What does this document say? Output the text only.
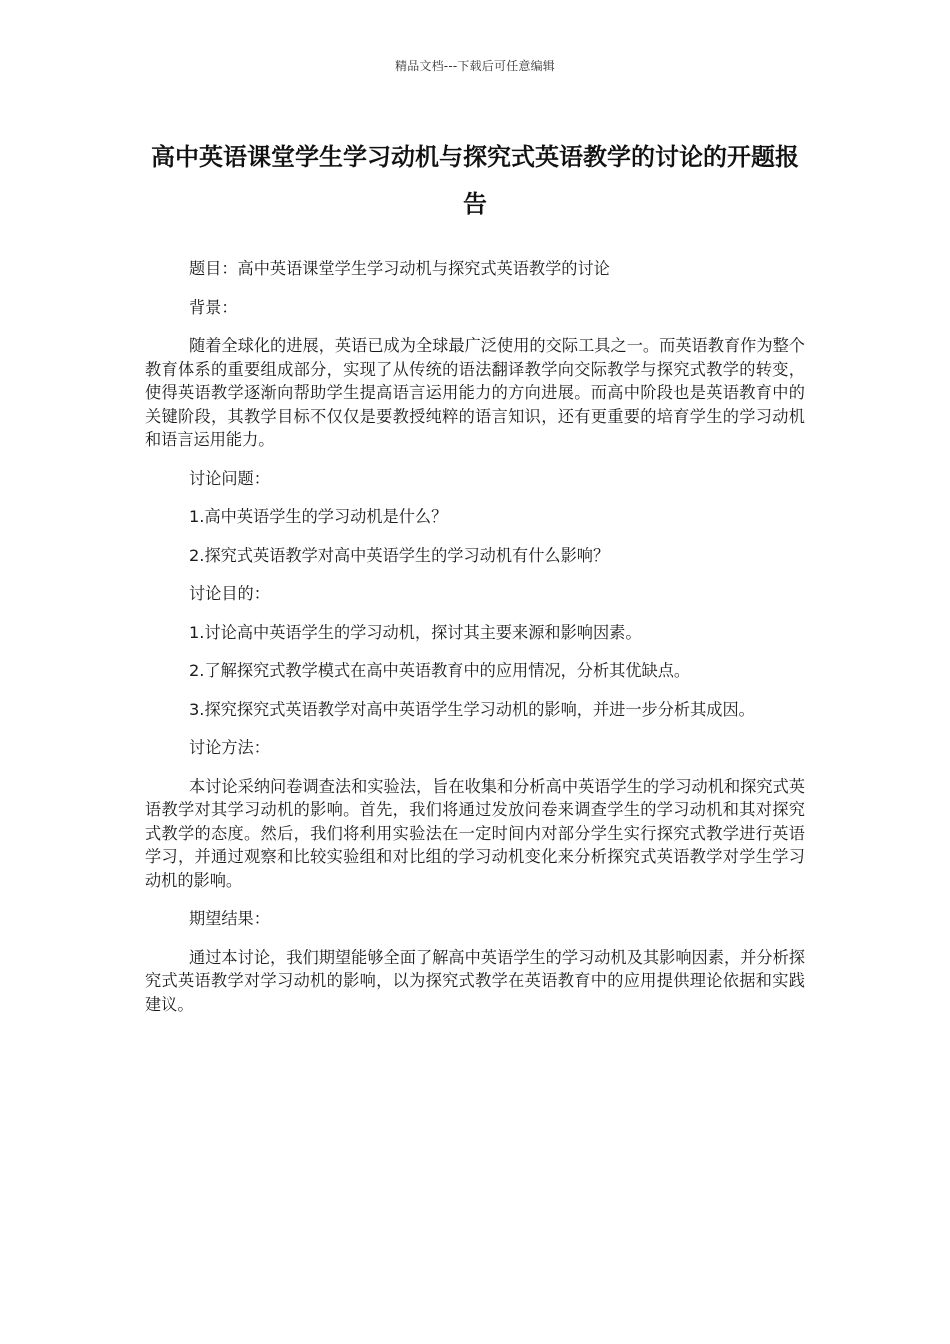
精品文档---下载后可任意编辑
高中英语课堂学生学习动机与探究式英语教学的讨论的开题报告

题目：高中英语课堂学生学习动机与探究式英语教学的讨论

背景：

随着全球化的进展，英语已成为全球最广泛使用的交际工具之一。而英语教育作为整个教育体系的重要组成部分，实现了从传统的语法翻译教学向交际教学与探究式教学的转变，使得英语教学逐渐向帮助学生提高语言运用能力的方向进展。而高中阶段也是英语教育中的关键阶段，其教学目标不仅仅是要教授纯粹的语言知识，还有更重要的培育学生的学习动机和语言运用能力。

讨论问题：

1.高中英语学生的学习动机是什么？

2.探究式英语教学对高中英语学生的学习动机有什么影响？

讨论目的：

1.讨论高中英语学生的学习动机，探讨其主要来源和影响因素。

2.了解探究式教学模式在高中英语教育中的应用情况，分析其优缺点。

3.探究探究式英语教学对高中英语学生学习动机的影响，并进一步分析其成因。

讨论方法：

本讨论采纳问卷调查法和实验法，旨在收集和分析高中英语学生的学习动机和探究式英语教学对其学习动机的影响。首先，我们将通过发放问卷来调查学生的学习动机和其对探究式教学的态度。然后，我们将利用实验法在一定时间内对部分学生实行探究式教学进行英语学习，并通过观察和比较实验组和对比组的学习动机变化来分析探究式英语教学对学生学习动机的影响。

期望结果：

通过本讨论，我们期望能够全面了解高中英语学生的学习动机及其影响因素，并分析探究式英语教学对学习动机的影响，以为探究式教学在英语教育中的应用提供理论依据和实践建议。
